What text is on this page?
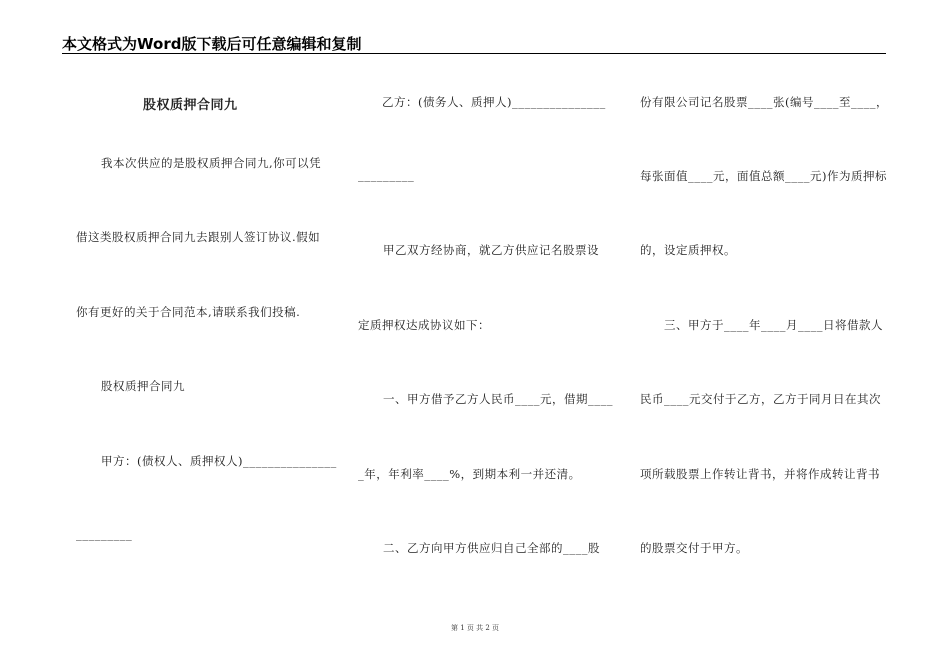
本文格式为Word版下载后可任意编辑和复制
股权质押合同九
我本次供应的是股权质押合同九,你可以凭
借这类股权质押合同九去跟别人签订协议.假如
你有更好的关于合同范本,请联系我们投稿.
股权质押合同九
甲方：(债权人、质押权人)_______________
_________
乙方：(债务人、质押人)_______________
_________
甲乙双方经协商，就乙方供应记名股票设
定质押权达成协议如下：
一、甲方借予乙方人民币____元，借期____
_年，年利率____%，到期本利一并还清。
二、乙方向甲方供应归自己全部的____股
份有限公司记名股票____张(编号____至____，
每张面值____元，面值总额____元)作为质押标
的，设定质押权。
三、甲方于____年____月____日将借款人
民币____元交付于乙方，乙方于同月日在其次
项所载股票上作转让背书，并将作成转让背书
的股票交付于甲方。
第 1 页 共 2 页
